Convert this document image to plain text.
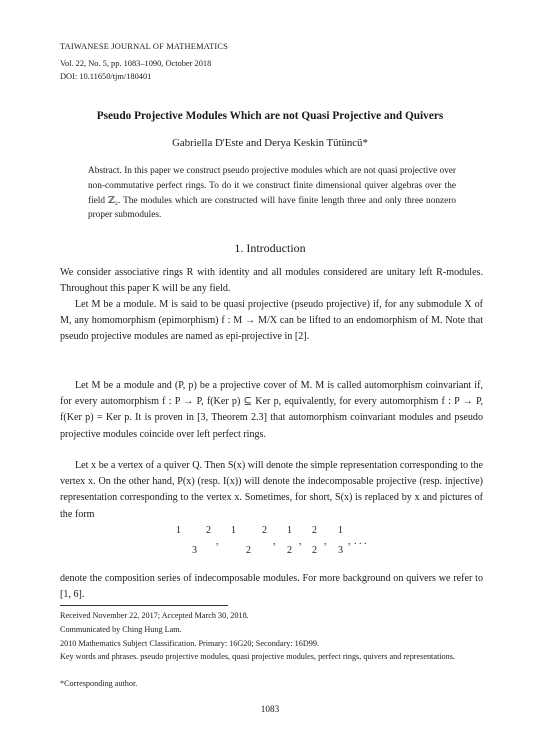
TAIWANESE JOURNAL OF MATHEMATICS
Vol. 22, No. 5, pp. 1083–1090, October 2018
DOI: 10.11650/tjm/180401
Pseudo Projective Modules Which are not Quasi Projective and Quivers
Gabriella D'Este and Derya Keskin Tütüncü*

Abstract. In this paper we construct pseudo projective modules which are not quasi projective over non-commutative perfect rings. To do it we construct finite dimensional quiver algebras over the field ℤ₂. The modules which are constructed will have finite length three and only three nonzero proper submodules.

1. Introduction

We consider associative rings R with identity and all modules considered are unitary left R-modules. Throughout this paper K will be any field.

Let M be a module. M is said to be quasi projective (pseudo projective) if, for any submodule X of M, any homomorphism (epimorphism) f : M → M/X can be lifted to an endomorphism of M. Note that pseudo projective modules are named as epi-projective in [2].

Let M be a module and (P, p) be a projective cover of M. M is called automorphism coinvariant if, for every automorphism f : P → P, f(Ker p) ⊆ Ker p, equivalently, for every automorphism f : P → P, f(Ker p) = Ker p. It is proven in [3, Theorem 2.3] that automorphism coinvariant modules and pseudo projective modules coincide over left perfect rings.

Let x be a vertex of a quiver Q. Then S(x) will denote the simple representation corresponding to the vertex x. On the other hand, P(x) (resp. I(x)) will denote the indecomposable projective (resp. injective) representation corresponding to the vertex x. Sometimes, for short, S(x) is replaced by x and pictures of the form

1	2
3
,
1	2
2
,
1
2
,
2
2
,
1
3
, . . .

denote the composition series of indecomposable modules. For more background on quivers we refer to [1, 6].

Received November 22, 2017; Accepted March 30, 2018.
Communicated by Ching Hung Lam.
2010 Mathematics Subject Classification. Primary: 16G20; Secondary: 16D99.
Key words and phrases. pseudo projective modules, quasi projective modules, perfect rings, quivers and representations.
*Corresponding author.
1083
